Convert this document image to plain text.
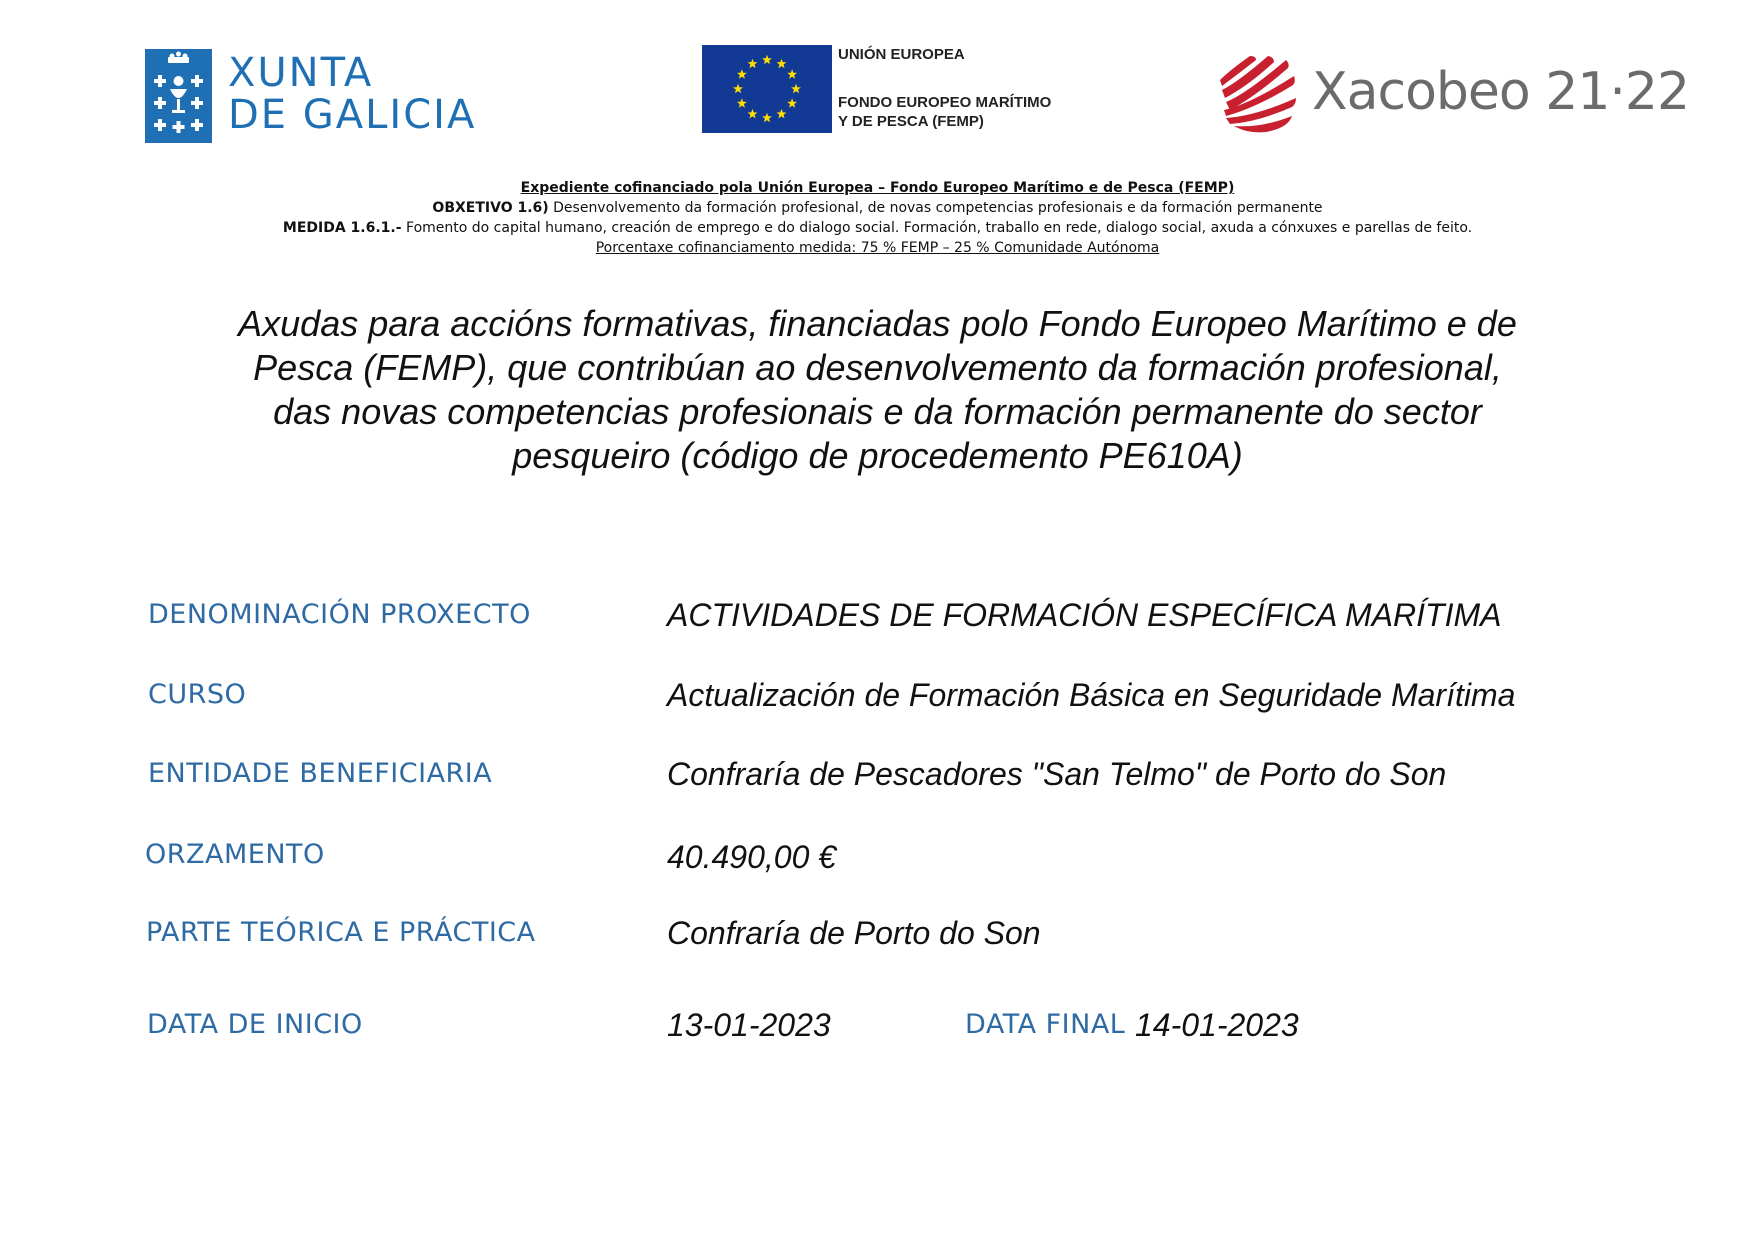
XUNTA
DE GALICIA
UNIÓN EUROPEA
FONDO EUROPEO MARÍTIMO
Y DE PESCA (FEMP)	Xacobeo 21·22
Expediente cofinanciado pola Unión Europea – Fondo Europeo Marítimo e de Pesca (FEMP)
OBXETIVO 1.6) Desenvolvemento da formación profesional, de novas competencias profesionais e da formación permanente
MEDIDA 1.6.1.- Fomento do capital humano, creación de emprego e do dialogo social. Formación, traballo en rede, dialogo social, axuda a cónxuxes e parellas de feito.
Porcentaxe cofinanciamento medida: 75 % FEMP – 25 % Comunidade Autónoma
Axudas para accións formativas, financiadas polo Fondo Europeo Marítimo e de
Pesca (FEMP), que contribúan ao desenvolvemento da formación profesional,
das novas competencias profesionais e da formación permanente do sector
pesqueiro (código de procedemento PE610A)
DENOMINACIÓN PROXECTO	ACTIVIDADES DE FORMACIÓN ESPECÍFICA MARÍTIMA
CURSO	Actualización de Formación Básica en Seguridade Marítima
ENTIDADE BENEFICIARIA	Confraría de Pescadores "San Telmo" de Porto do Son
ORZAMENTO	40.490,00 €
PARTE TEÓRICA E PRÁCTICA	Confraría de Porto do Son
DATA DE INICIO	13-01-2023	DATA FINAL 14-01-2023
